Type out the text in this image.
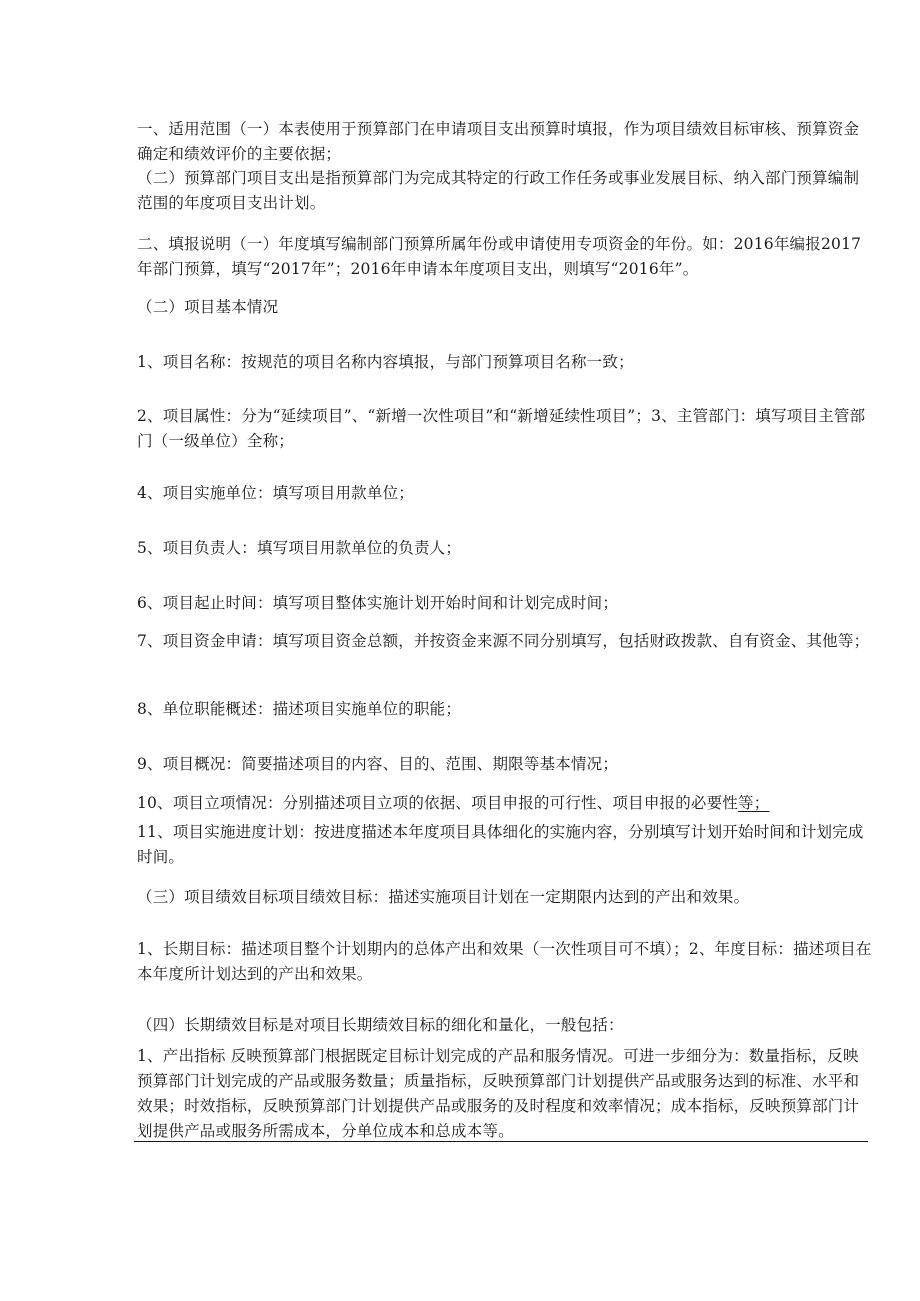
一、适用范围（一）本表使用于预算部门在申请项目支出预算时填报，作为项目绩效目标审核、预算资金确定和绩效评价的主要依据；

（二）预算部门项目支出是指预算部门为完成其特定的行政工作任务或事业发展目标、纳入部门预算编制范围的年度项目支出计划。

二、填报说明（一）年度填写编制部门预算所属年份或申请使用专项资金的年份。如：2016年编报2017年部门预算，填写“2017年”；2016年申请本年度项目支出，则填写“2016年”。

（二）项目基本情况

1、项目名称：按规范的项目名称内容填报，与部门预算项目名称一致；

2、项目属性：分为“延续项目”、“新增一次性项目”和“新增延续性项目”；3、主管部门：填写项目主管部门（一级单位）全称；

4、项目实施单位：填写项目用款单位；

5、项目负责人：填写项目用款单位的负责人；

6、项目起止时间：填写项目整体实施计划开始时间和计划完成时间；

7、项目资金申请：填写项目资金总额，并按资金来源不同分别填写，包括财政拨款、自有资金、其他等；

8、单位职能概述：描述项目实施单位的职能；

9、项目概况：简要描述项目的内容、目的、范围、期限等基本情况；

10、项目立项情况：分别描述项目立项的依据、项目申报的可行性、项目申报的必要性等；

11、项目实施进度计划：按进度描述本年度项目具体细化的实施内容，分别填写计划开始时间和计划完成时间。

（三）项目绩效目标项目绩效目标：描述实施项目计划在一定期限内达到的产出和效果。

1、长期目标：描述项目整个计划期内的总体产出和效果（一次性项目可不填）；2、年度目标：描述项目在本年度所计划达到的产出和效果。

（四）长期绩效目标是对项目长期绩效目标的细化和量化，一般包括：

1、产出指标 反映预算部门根据既定目标计划完成的产品和服务情况。可进一步细分为：数量指标，反映预算部门计划完成的产品或服务数量；质量指标，反映预算部门计划提供产品或服务达到的标准、水平和效果；时效指标，反映预算部门计划提供产品或服务的及时程度和效率情况；成本指标，反映预算部门计划提供产品或服务所需成本，分单位成本和总成本等。
